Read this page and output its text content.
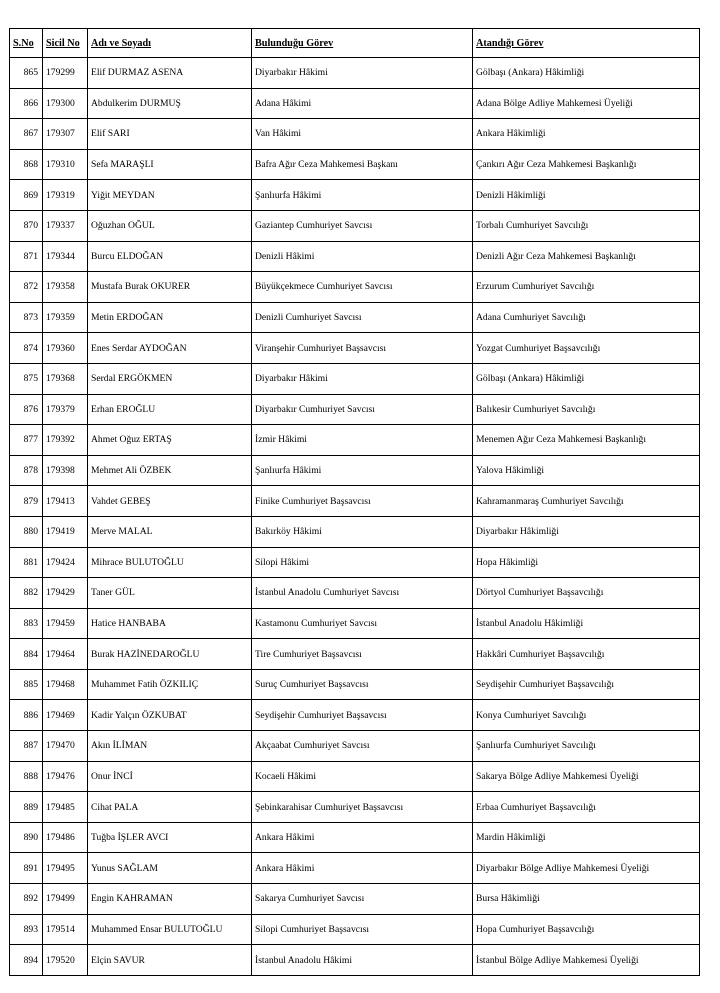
S.No	Sicil No	Adı ve Soyadı	Bulunduğu Görev	Atandığı Görev
865	179299	Elif DURMAZ ASENA	Diyarbakır Hâkimi	Gölbaşı (Ankara) Hâkimliği
866	179300	Abdulkerim DURMUŞ	Adana Hâkimi	Adana Bölge Adliye Mahkemesi Üyeliği
867	179307	Elif SARI	Van Hâkimi	Ankara Hâkimliği
868	179310	Sefa MARAŞLI	Bafra Ağır Ceza Mahkemesi Başkanı	Çankırı Ağır Ceza Mahkemesi Başkanlığı
869	179319	Yiğit MEYDAN	Şanlıurfa Hâkimi	Denizli Hâkimliği
870	179337	Oğuzhan OĞUL	Gaziantep Cumhuriyet Savcısı	Torbalı Cumhuriyet Savcılığı
871	179344	Burcu ELDOĞAN	Denizli Hâkimi	Denizli Ağır Ceza Mahkemesi Başkanlığı
872	179358	Mustafa Burak OKURER	Büyükçekmece Cumhuriyet Savcısı	Erzurum Cumhuriyet Savcılığı
873	179359	Metin ERDOĞAN	Denizli Cumhuriyet Savcısı	Adana Cumhuriyet Savcılığı
874	179360	Enes Serdar AYDOĞAN	Viranşehir Cumhuriyet Başsavcısı	Yozgat Cumhuriyet Başsavcılığı
875	179368	Serdal ERGÖKMEN	Diyarbakır Hâkimi	Gölbaşı (Ankara) Hâkimliği
876	179379	Erhan EROĞLU	Diyarbakır Cumhuriyet Savcısı	Balıkesir Cumhuriyet Savcılığı
877	179392	Ahmet Oğuz ERTAŞ	İzmir Hâkimi	Menemen Ağır Ceza Mahkemesi Başkanlığı
878	179398	Mehmet Ali ÖZBEK	Şanlıurfa Hâkimi	Yalova Hâkimliği
879	179413	Vahdet GEBEŞ	Finike Cumhuriyet Başsavcısı	Kahramanmaraş Cumhuriyet Savcılığı
880	179419	Merve MALAL	Bakırköy Hâkimi	Diyarbakır Hâkimliği
881	179424	Mihrace BULUTOĞLU	Silopi Hâkimi	Hopa Hâkimliği
882	179429	Taner GÜL	İstanbul Anadolu Cumhuriyet Savcısı	Dörtyol Cumhuriyet Başsavcılığı
883	179459	Hatice HANBABA	Kastamonu Cumhuriyet Savcısı	İstanbul Anadolu Hâkimliği
884	179464	Burak HAZİNEDAROĞLU	Tire Cumhuriyet Başsavcısı	Hakkâri Cumhuriyet Başsavcılığı
885	179468	Muhammet Fatih ÖZKILIÇ	Suruç Cumhuriyet Başsavcısı	Seydişehir Cumhuriyet Başsavcılığı
886	179469	Kadir Yalçın ÖZKUBAT	Seydişehir Cumhuriyet Başsavcısı	Konya Cumhuriyet Savcılığı
887	179470	Akın İLİMAN	Akçaabat Cumhuriyet Savcısı	Şanlıurfa Cumhuriyet Savcılığı
888	179476	Onur İNCİ	Kocaeli Hâkimi	Sakarya Bölge Adliye Mahkemesi Üyeliği
889	179485	Cihat PALA	Şebinkarahisar Cumhuriyet Başsavcısı	Erbaa Cumhuriyet Başsavcılığı
890	179486	Tuğba İŞLER AVCI	Ankara Hâkimi	Mardin Hâkimliği
891	179495	Yunus SAĞLAM	Ankara Hâkimi	Diyarbakır Bölge Adliye Mahkemesi Üyeliği
892	179499	Engin KAHRAMAN	Sakarya Cumhuriyet Savcısı	Bursa Hâkimliği
893	179514	Muhammed Ensar BULUTOĞLU	Silopi Cumhuriyet Başsavcısı	Hopa Cumhuriyet Başsavcılığı
894	179520	Elçin SAVUR	İstanbul Anadolu Hâkimi	İstanbul Bölge Adliye Mahkemesi Üyeliği
